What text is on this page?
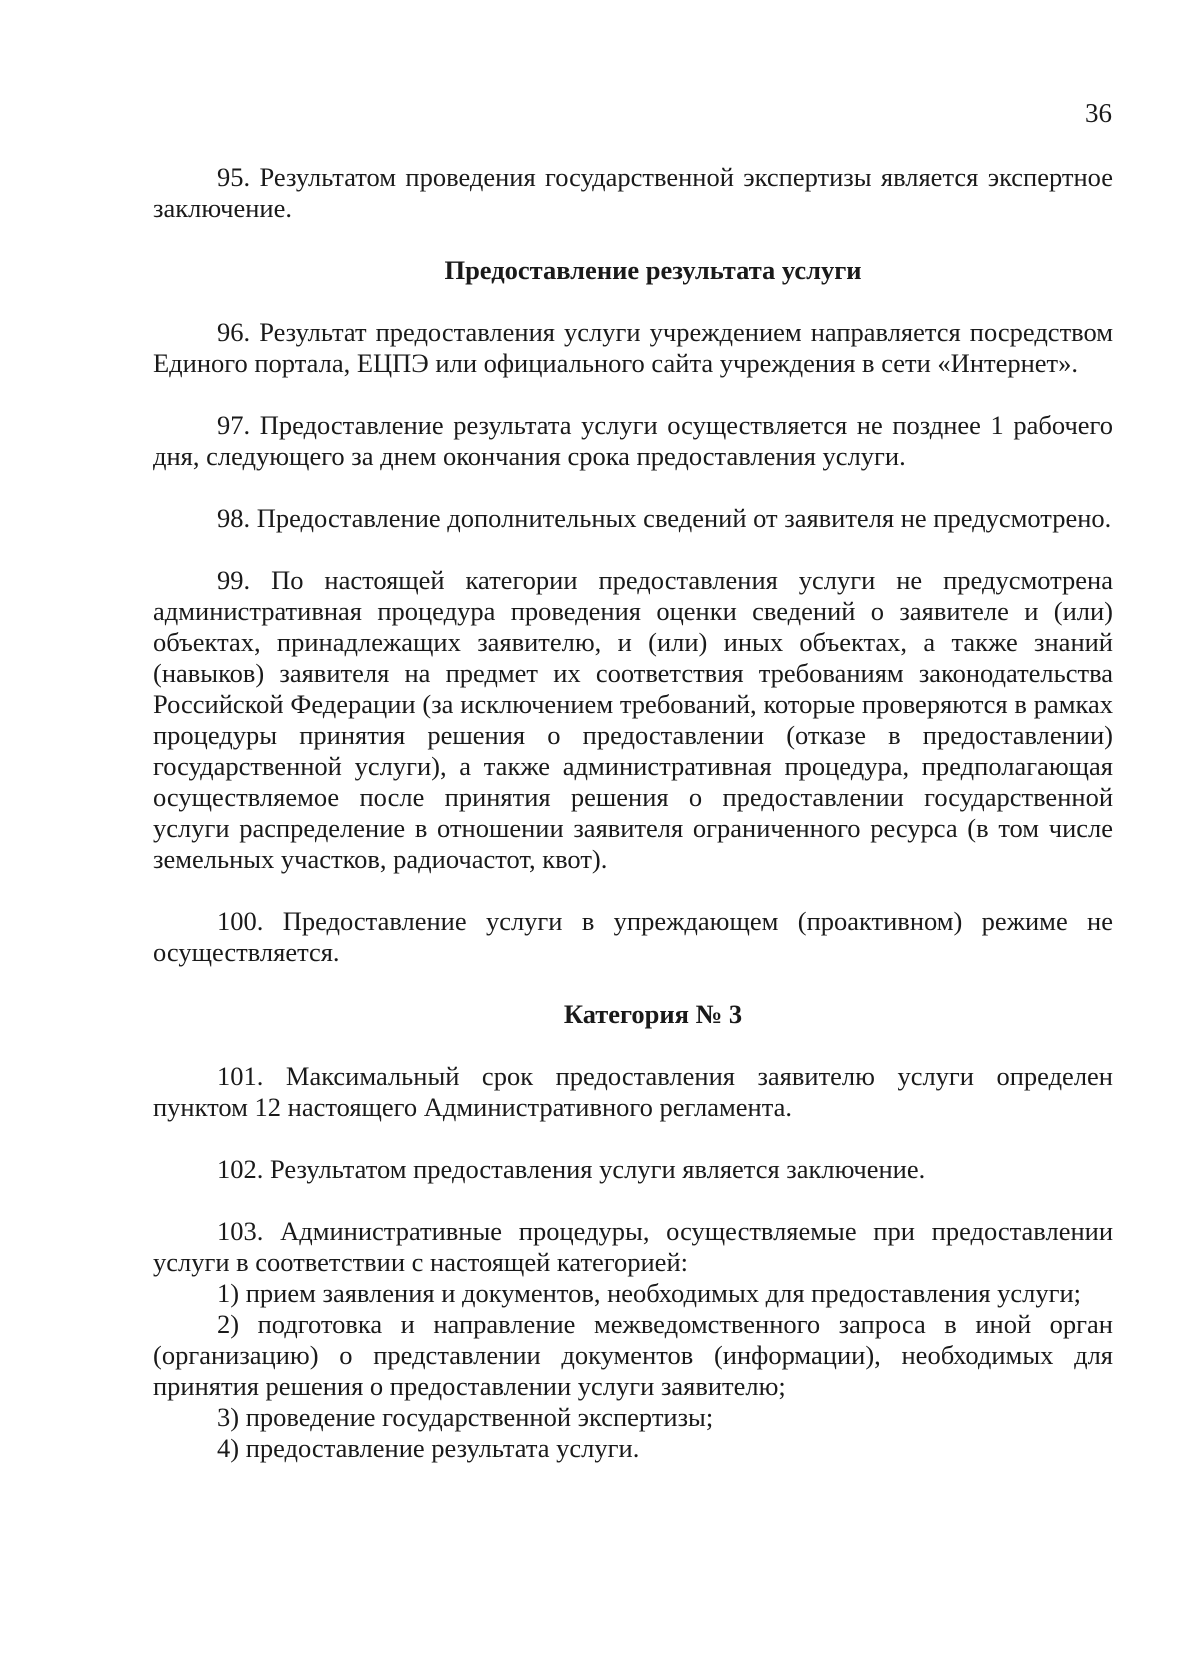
36

95. Результатом проведения государственной экспертизы является экспертное заключение.

Предоставление результата услуги

96. Результат предоставления услуги учреждением направляется посредством Единого портала, ЕЦПЭ или официального сайта учреждения в сети «Интернет».

97. Предоставление результата услуги осуществляется не позднее 1 рабочего дня, следующего за днем окончания срока предоставления услуги.

98. Предоставление дополнительных сведений от заявителя не предусмотрено.

99. По настоящей категории предоставления услуги не предусмотрена административная процедура проведения оценки сведений о заявителе и (или) объектах, принадлежащих заявителю, и (или) иных объектах, а также знаний (навыков) заявителя на предмет их соответствия требованиям законодательства Российской Федерации (за исключением требований, которые проверяются в рамках процедуры принятия решения о предоставлении (отказе в предоставлении) государственной услуги), а также административная процедура, предполагающая осуществляемое после принятия решения о предоставлении государственной услуги распределение в отношении заявителя ограниченного ресурса (в том числе земельных участков, радиочастот, квот).

100. Предоставление услуги в упреждающем (проактивном) режиме не осуществляется.

Категория № 3

101. Максимальный срок предоставления заявителю услуги определен пунктом 12 настоящего Административного регламента.

102. Результатом предоставления услуги является заключение.

103. Административные процедуры, осуществляемые при предоставлении услуги в соответствии с настоящей категорией:

1) прием заявления и документов, необходимых для предоставления услуги;
2) подготовка и направление межведомственного запроса в иной орган (организацию) о представлении документов (информации), необходимых для принятия решения о предоставлении услуги заявителю;
3) проведение государственной экспертизы;
4) предоставление результата услуги.
